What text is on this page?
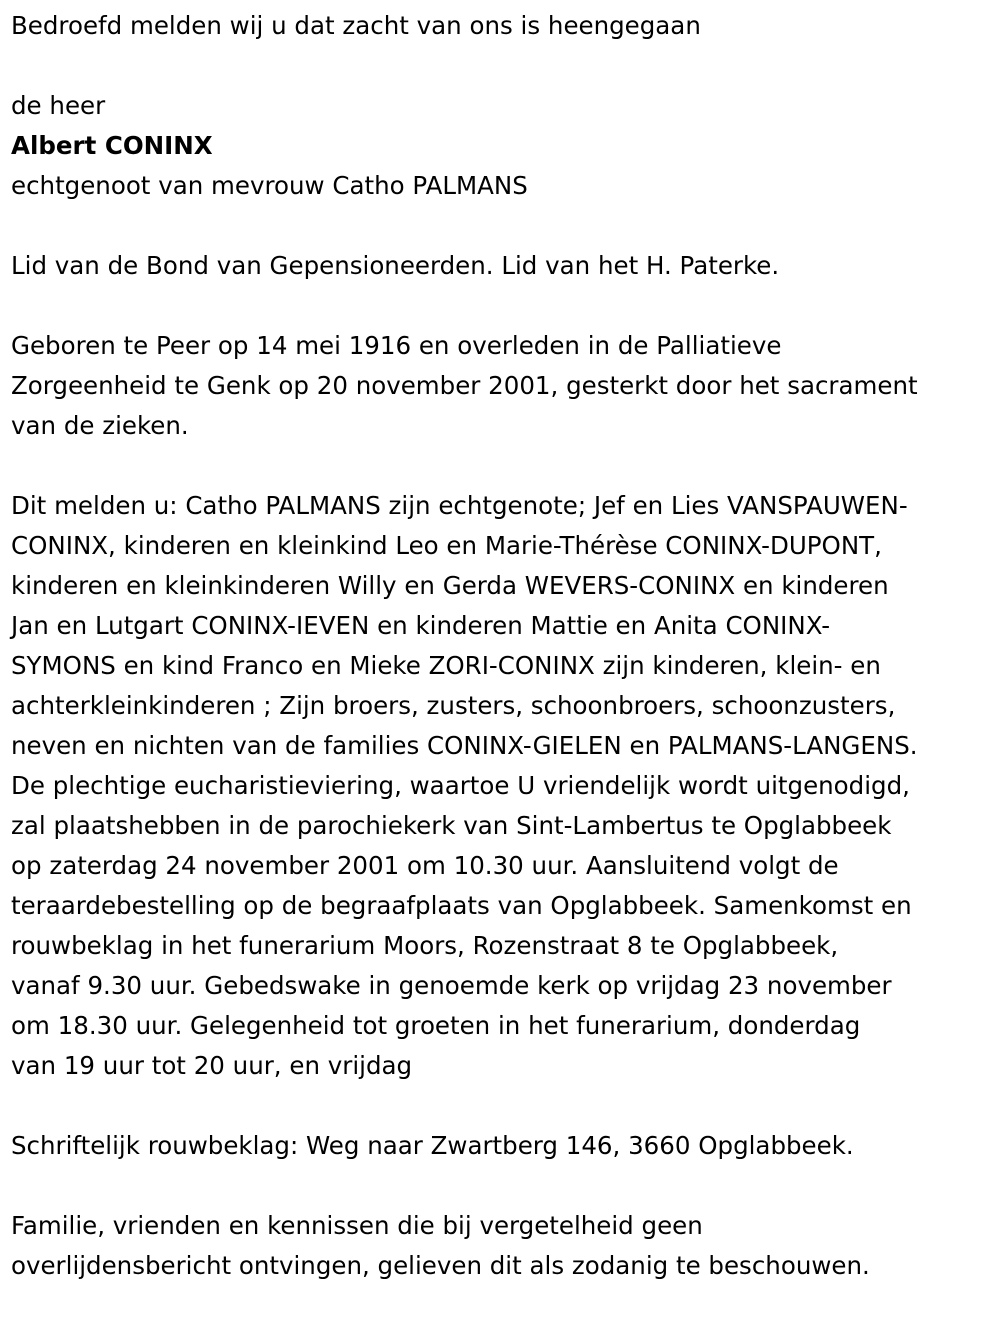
Bedroefd melden wij u dat zacht van ons is heengegaan

de heer

Albert CONINX

echtgenoot van mevrouw Catho PALMANS

Lid van de Bond van Gepensioneerden. Lid van het H. Paterke.

Geboren te Peer op 14 mei 1916 en overleden in de Palliatieve
Zorgeenheid te Genk op 20 november 2001, gesterkt door het sacrament
van de zieken.

Dit melden u: Catho PALMANS zijn echtgenote; Jef en Lies VANSPAUWEN-
CONINX, kinderen en kleinkind Leo en Marie-Thérèse CONINX-DUPONT,
kinderen en kleinkinderen Willy en Gerda WEVERS-CONINX en kinderen
Jan en Lutgart CONINX-IEVEN en kinderen Mattie en Anita CONINX-
SYMONS en kind Franco en Mieke ZORI-CONINX zijn kinderen, klein- en
achterkleinkinderen ; Zijn broers, zusters, schoonbroers, schoonzusters,
neven en nichten van de families CONINX-GIELEN en PALMANS-LANGENS.
De plechtige eucharistieviering, waartoe U vriendelijk wordt uitgenodigd,
zal plaatshebben in de parochiekerk van Sint-Lambertus te Opglabbeek
op zaterdag 24 november 2001 om 10.30 uur. Aansluitend volgt de
teraardebestelling op de begraafplaats van Opglabbeek. Samenkomst en
rouwbeklag in het funerarium Moors, Rozenstraat 8 te Opglabbeek,
vanaf 9.30 uur. Gebedswake in genoemde kerk op vrijdag 23 november
om 18.30 uur. Gelegenheid tot groeten in het funerarium, donderdag
van 19 uur tot 20 uur, en vrijdag

Schriftelijk rouwbeklag: Weg naar Zwartberg 146, 3660 Opglabbeek.

Familie, vrienden en kennissen die bij vergetelheid geen
overlijdensbericht ontvingen, gelieven dit als zodanig te beschouwen.
